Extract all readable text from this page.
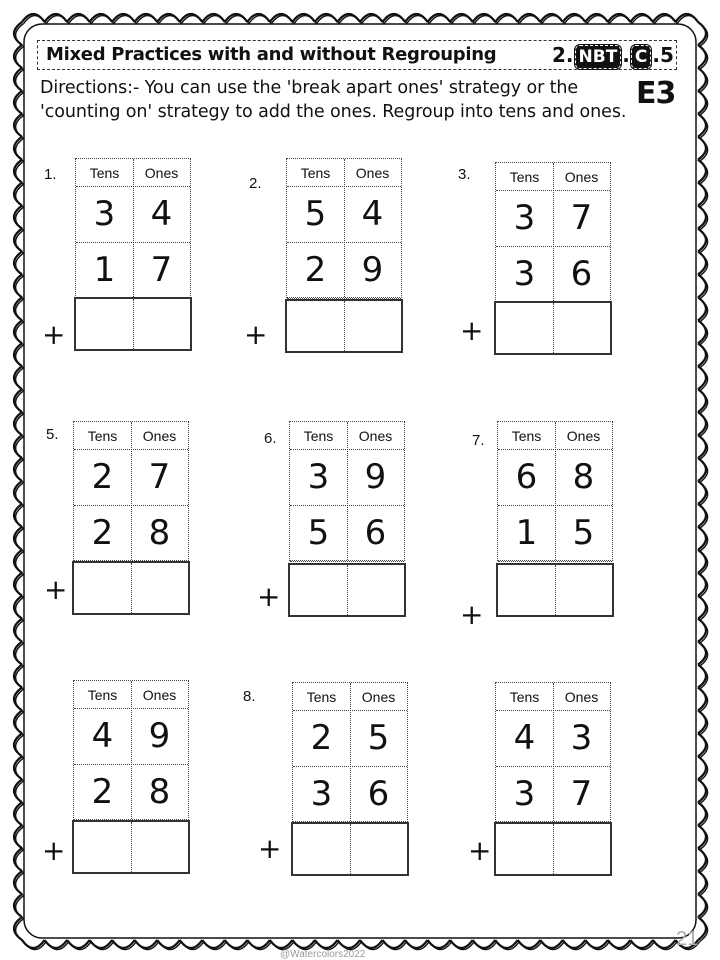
Mixed Practices with and without Regrouping	2. NBT . C .5
E3
Directions:- You can use the 'break apart ones' strategy or the 'counting on' strategy to add the ones. Regroup into tens and ones.
1.	Tens	Ones
3	4
1	7
+
2.
Tens	Ones
5	4
2	9
+
3.	Tens	Ones
3	7
3	6
+
5.	Tens	Ones
2	7
2	8
+
6.	Tens	Ones
3	9
5	6
+
7.	Tens	Ones
6	8
1	5
+
Tens	Ones
4	9
2	8
+
8.	Tens	Ones
2	5
3	6
+
Tens	Ones
4	3
3	7
+
@Watercolors2022
21
